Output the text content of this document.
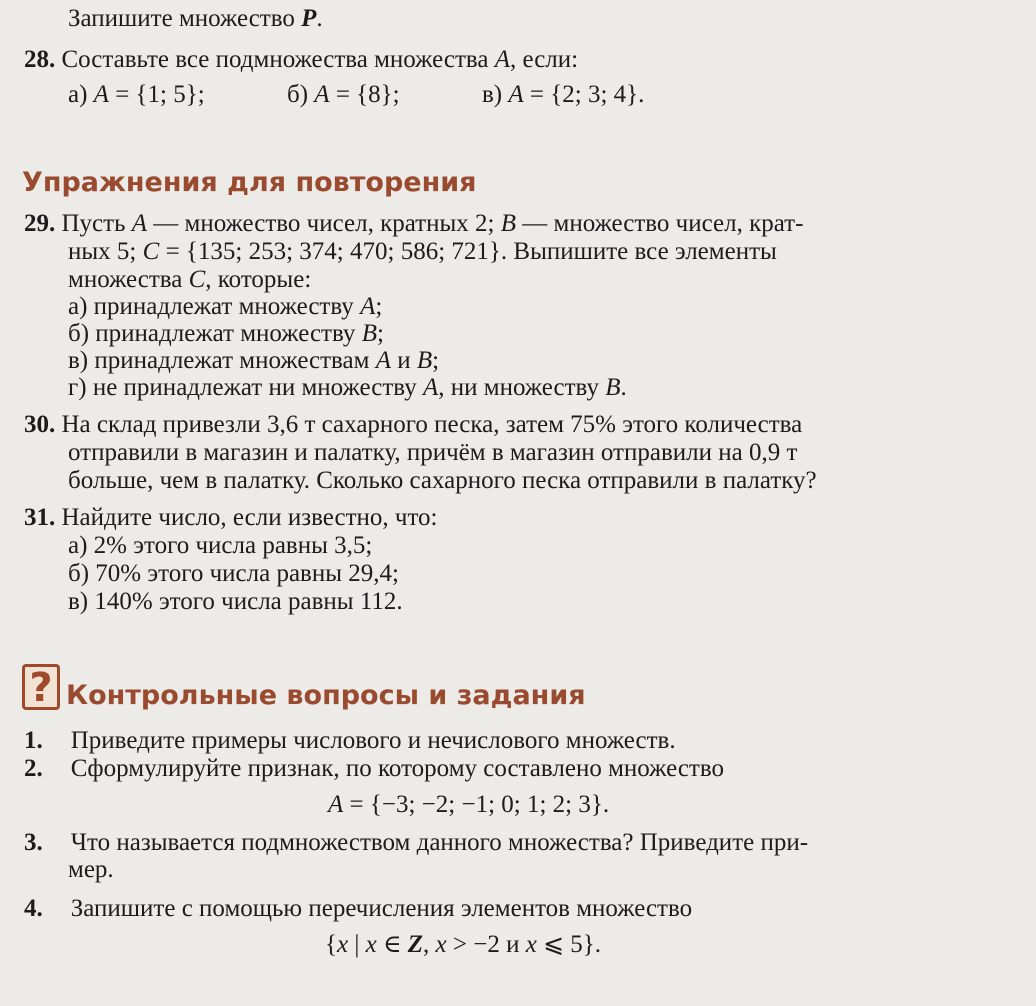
Запишите множество P.
28. Составьте все подмножества множества A, если:
а) A = {1; 5};	б) A = {8};	в) A = {2; 3; 4}.
Упражнения для повторения
29. Пусть A — множество чисел, кратных 2; B — множество чисел, крат-
ных 5; C = {135; 253; 374; 470; 586; 721}. Выпишите все элементы
множества C, которые:
а) принадлежат множеству A;
б) принадлежат множеству B;
в) принадлежат множествам A и B;
г) не принадлежат ни множеству A, ни множеству B.
30. На склад привезли 3,6 т сахарного песка, затем 75% этого количества
отправили в магазин и палатку, причём в магазин отправили на 0,9 т
больше, чем в палатку. Сколько сахарного песка отправили в палатку?
31. Найдите число, если известно, что:
а) 2% этого числа равны 3,5;
б) 70% этого числа равны 29,4;
в) 140% этого числа равны 112.
? Контрольные вопросы и задания
1. Приведите примеры числового и нечислового множеств.
2. Сформулируйте признак, по которому составлено множество
A = {−3; −2; −1; 0; 1; 2; 3}.
3. Что называется подмножеством данного множества? Приведите при-
мер.
4. Запишите с помощью перечисления элементов множество
{x | x ∈ Z, x > −2 и x ⩽ 5}.
